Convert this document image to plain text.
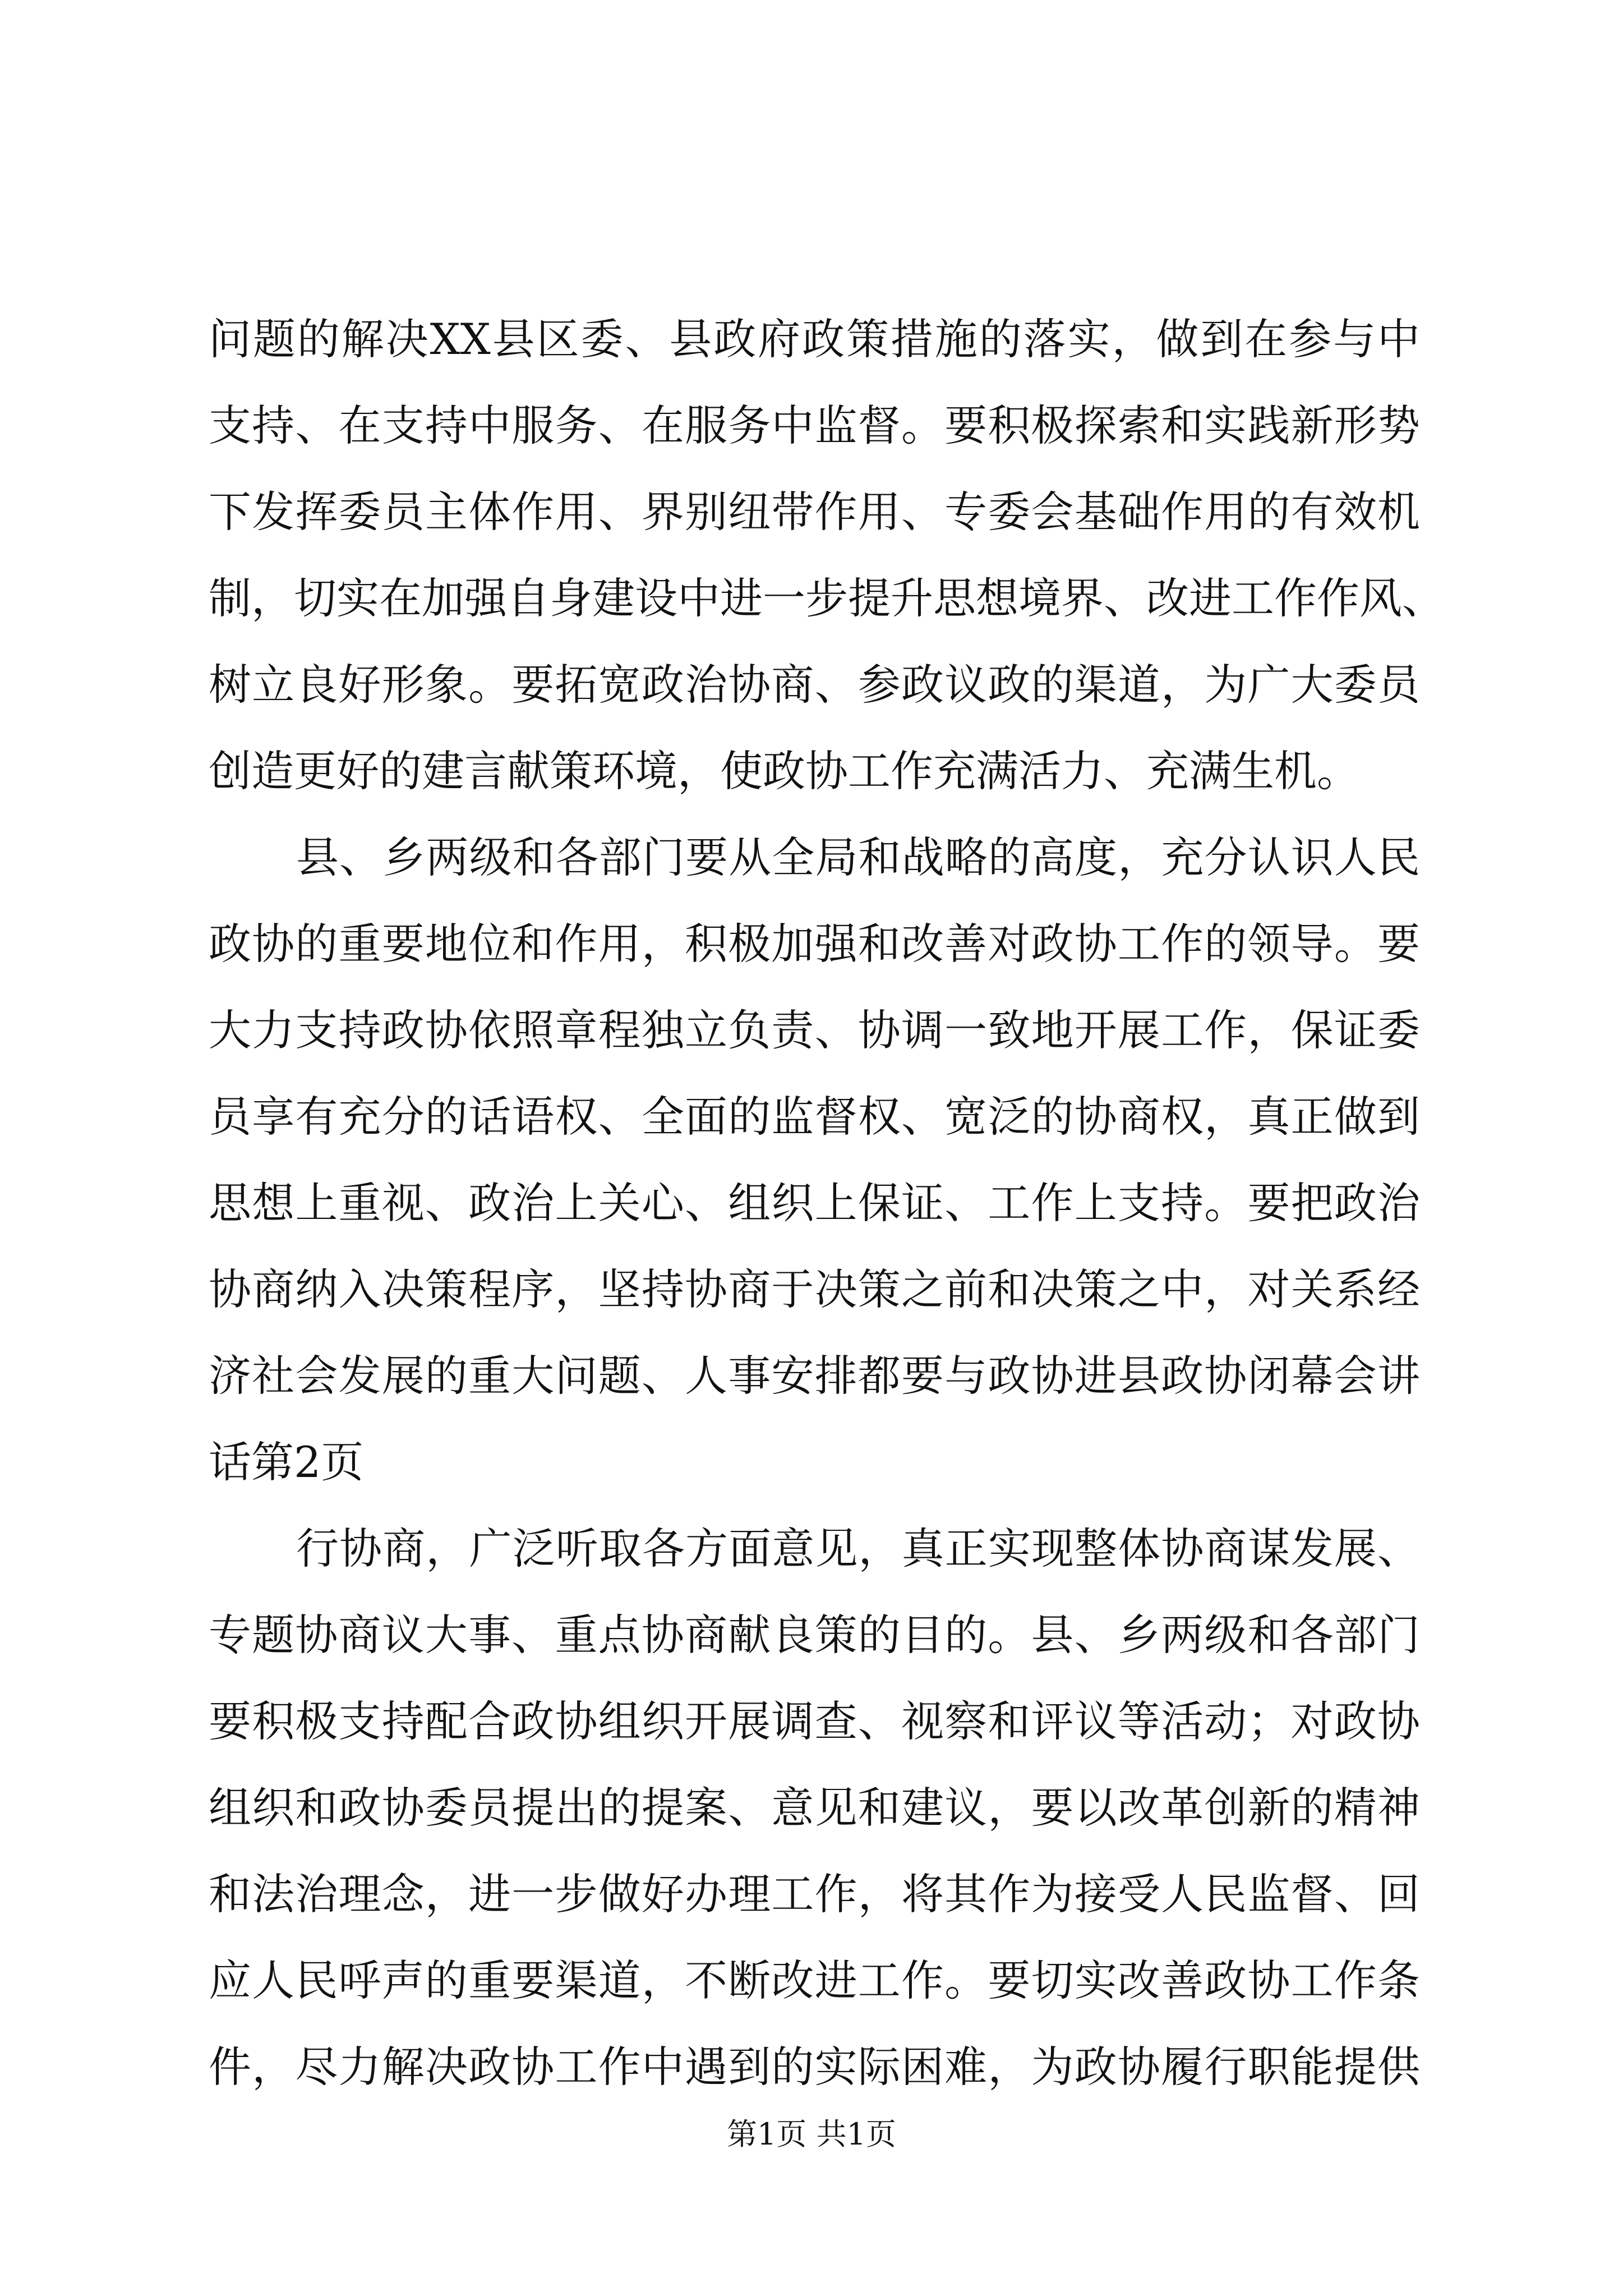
问题的解决XX县区委、县政府政策措施的落实，做到在参与中
支持、在支持中服务、在服务中监督。要积极探索和实践新形势
下发挥委员主体作用、界别纽带作用、专委会基础作用的有效机
制，切实在加强自身建设中进一步提升思想境界、改进工作作风、
树立良好形象。要拓宽政治协商、参政议政的渠道，为广大委员
创造更好的建言献策环境，使政协工作充满活力、充满生机。
县、乡两级和各部门要从全局和战略的高度，充分认识人民
政协的重要地位和作用，积极加强和改善对政协工作的领导。要
大力支持政协依照章程独立负责、协调一致地开展工作，保证委
员享有充分的话语权、全面的监督权、宽泛的协商权，真正做到
思想上重视、政治上关心、组织上保证、工作上支持。要把政治
协商纳入决策程序，坚持协商于决策之前和决策之中，对关系经
济社会发展的重大问题、人事安排都要与政协进县政协闭幕会讲
话第2页
行协商，广泛听取各方面意见，真正实现整体协商谋发展、
专题协商议大事、重点协商献良策的目的。县、乡两级和各部门
要积极支持配合政协组织开展调查、视察和评议等活动；对政协
组织和政协委员提出的提案、意见和建议，要以改革创新的精神
和法治理念，进一步做好办理工作，将其作为接受人民监督、回
应人民呼声的重要渠道，不断改进工作。要切实改善政协工作条
件，尽力解决政协工作中遇到的实际困难，为政协履行职能提供
第1页 共1页
